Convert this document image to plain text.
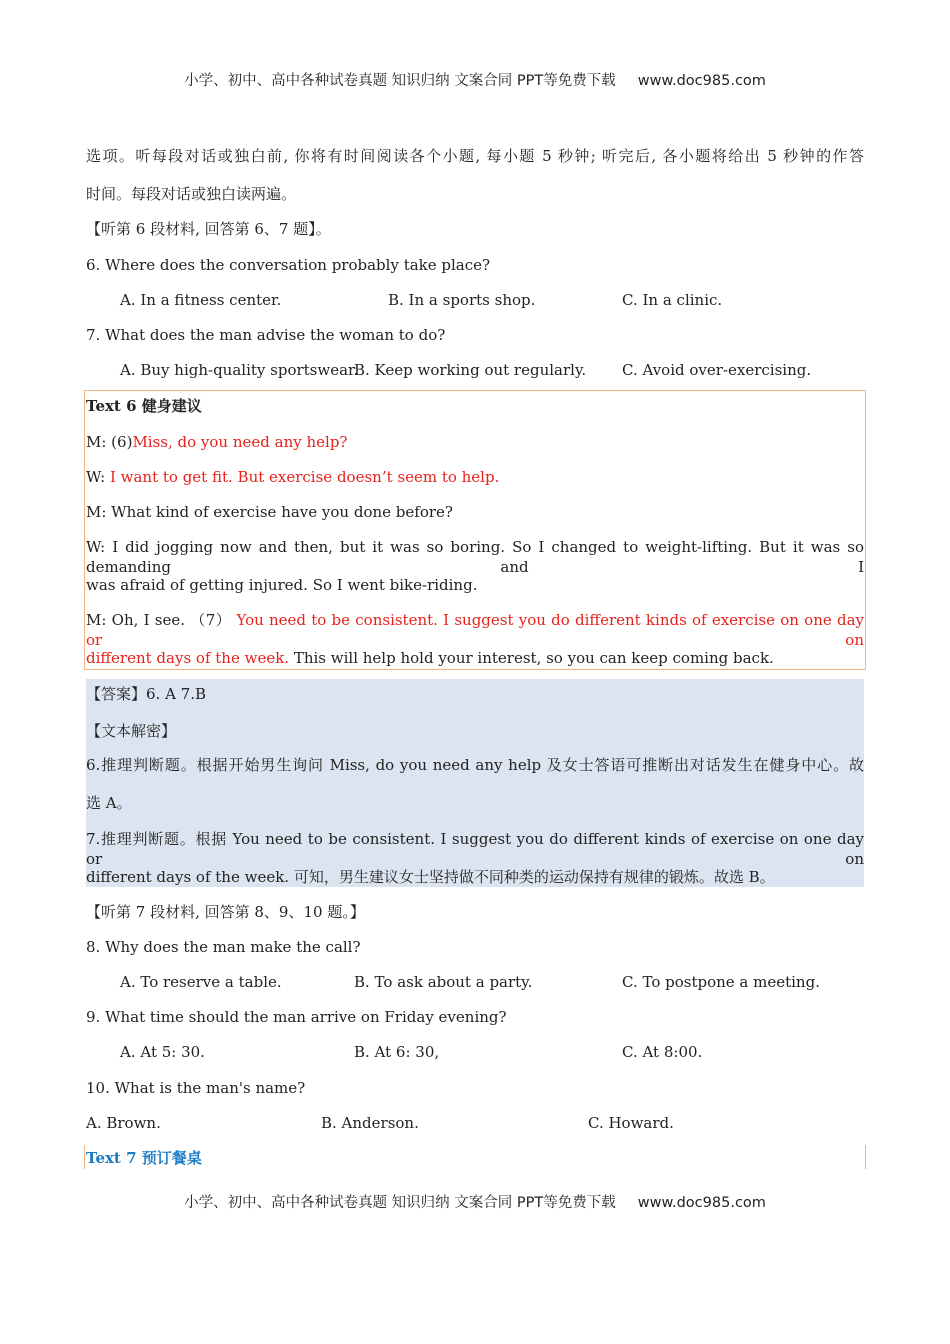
小学、初中、高中各种试卷真题 知识归纳 文案合同 PPT等免费下载 www.doc985.com
选项。听每段对话或独白前, 你将有时间阅读各个小题, 每小题 5 秒钟; 听完后, 各小题将给出 5 秒钟的作答
时间。每段对话或独白读两遍。
【听第 6 段材料, 回答第 6、7 题】。
6. Where does the conversation probably take place?
A. In a fitness center.	B. In a sports shop.	C. In a clinic.
7. What does the man advise the woman to do?
A. Buy high-quality sportswear.
B. Keep working out regularly. C. Avoid over-exercising.
Text 6 健身建议
M: (6)Miss, do you need any help?
W: I want to get fit. But exercise doesn’t seem to help.
M: What kind of exercise have you done before?
W: I did jogging now and then, but it was so boring. So I changed to weight-lifting. But it was so demanding and I
was afraid of getting injured. So I went bike-riding.
M: Oh, I see. （7） You need to be consistent. I suggest you do different kinds of exercise on one day or on
different days of the week. This will help hold your interest, so you can keep coming back.
【答案】6. A 7.B
【文本解密】
6.推理判断题。根据开始男生询问 Miss, do you need any help 及女士答语可推断出对话发生在健身中心。故
选 A。
7.推理判断题。根据 You need to be consistent. I suggest you do different kinds of exercise on one day or on
different days of the week. 可知，男生建议女士坚持做不同种类的运动保持有规律的锻炼。故选 B。
【听第 7 段材料, 回答第 8、9、10 题。】
8. Why does the man make the call?
A. To reserve a table.	B. To ask about a party.	C. To postpone a meeting.
9. What time should the man arrive on Friday evening?
A. At 5: 30.	B. At 6: 30,	C. At 8:00.
10. What is the man's name?
A. Brown.	B. Anderson.	C. Howard.
Text 7 预订餐桌
小学、初中、高中各种试卷真题 知识归纳 文案合同 PPT等免费下载 www.doc985.com
